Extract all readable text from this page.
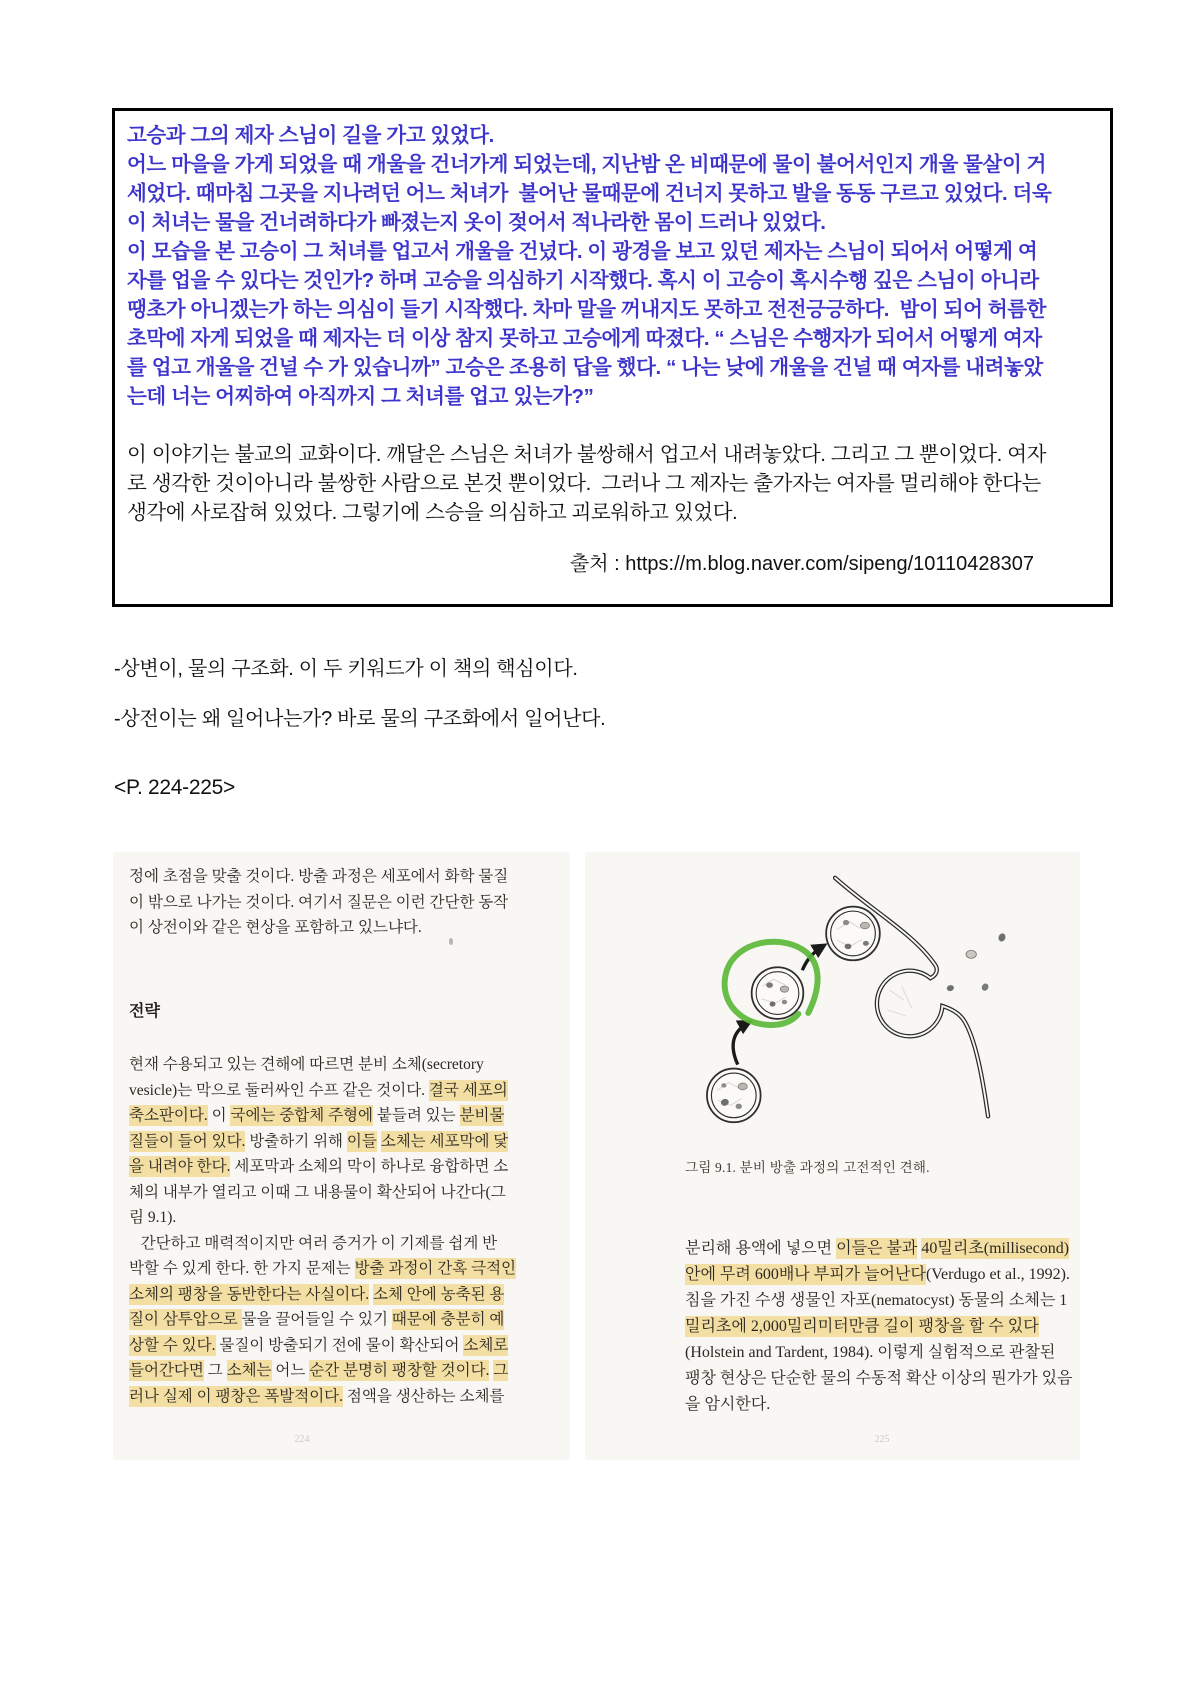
고승과 그의 제자 스님이 길을 가고 있었다.
어느 마을을 가게 되었을 때 개울을 건너가게 되었는데, 지난밤 온 비때문에 물이 불어서인지 개울 물살이 거
세었다. 때마침 그곳을 지나려던 어느 처녀가  불어난 물때문에 건너지 못하고 발을 동동 구르고 있었다. 더욱
이 처녀는 물을 건너려하다가 빠졌는지 옷이 젖어서 적나라한 몸이 드러나 있었다.
이 모습을 본 고승이 그 처녀를 업고서 개울을 건넜다. 이 광경을 보고 있던 제자는 스님이 되어서 어떻게 여
자를 업을 수 있다는 것인가? 하며 고승을 의심하기 시작했다. 혹시 이 고승이 혹시수행 깊은 스님이 아니라
땡초가 아니겠는가 하는 의심이 들기 시작했다. 차마 말을 꺼내지도 못하고 전전긍긍하다.  밤이 되어 허름한
초막에 자게 되었을 때 제자는 더 이상 참지 못하고 고승에게 따졌다. “ 스님은 수행자가 되어서 어떻게 여자
를 업고 개울을 건널 수 가 있습니까” 고승은 조용히 답을 했다. “ 나는 낮에 개울을 건널 때 여자를 내려놓았
는데 너는 어찌하여 아직까지 그 처녀를 업고 있는가?”
이 이야기는 불교의 교화이다. 깨달은 스님은 처녀가 불쌍해서 업고서 내려놓았다. 그리고 그 뿐이었다. 여자
로 생각한 것이아니라 불쌍한 사람으로 본것 뿐이었다.  그러나 그 제자는 출가자는 여자를 멀리해야 한다는
생각에 사로잡혀 있었다. 그렇기에 스승을 의심하고 괴로워하고 있었다.
출처 : https://m.blog.naver.com/sipeng/10110428307
-상변이, 물의 구조화. 이 두 키워드가 이 책의 핵심이다.
-상전이는 왜 일어나는가? 바로 물의 구조화에서 일어난다.
<P. 224-225>
정에 초점을 맞출 것이다. 방출 과정은 세포에서 화학 물질
이 밖으로 나가는 것이다. 여기서 질문은 이런 간단한 동작
이 상전이와 같은 현상을 포함하고 있느냐다.
전략
현재 수용되고 있는 견해에 따르면 분비 소체(secretory
vesicle)는 막으로 둘러싸인 수프 같은 것이다. 결국 세포의
축소판이다. 이 국에는 중합체 주형에 붙들려 있는 분비물
질들이 들어 있다. 방출하기 위해 이들 소체는 세포막에 닻
을 내려야 한다. 세포막과 소체의 막이 하나로 융합하면 소
체의 내부가 열리고 이때 그 내용물이 확산되어 나간다(그
림 9.1).
간단하고 매력적이지만 여러 증거가 이 기제를 쉽게 반
박할 수 있게 한다. 한 가지 문제는 방출 과정이 간혹 극적인
소체의 팽창을 동반한다는 사실이다. 소체 안에 농축된 용
질이 삼투압으로 물을 끌어들일 수 있기 때문에 충분히 예
상할 수 있다. 물질이 방출되기 전에 물이 확산되어 소체로
들어간다면 그 소체는 어느 순간 분명히 팽창할 것이다. 그
러나 실제 이 팽창은 폭발적이다. 점액을 생산하는 소체를
224
그림 9.1. 분비 방출 과정의 고전적인 견해.
분리해 용액에 넣으면 이들은 불과 40밀리초(millisecond)
안에 무려 600배나 부피가 늘어난다(Verdugo et al., 1992).
침을 가진 수생 생물인 자포(nematocyst) 동물의 소체는 1
밀리초에 2,000밀리미터만큼 길이 팽창을 할 수 있다
(Holstein and Tardent, 1984). 이렇게 실험적으로 관찰된
팽창 현상은 단순한 물의 수동적 확산 이상의 뭔가가 있음
을 암시한다.
225
